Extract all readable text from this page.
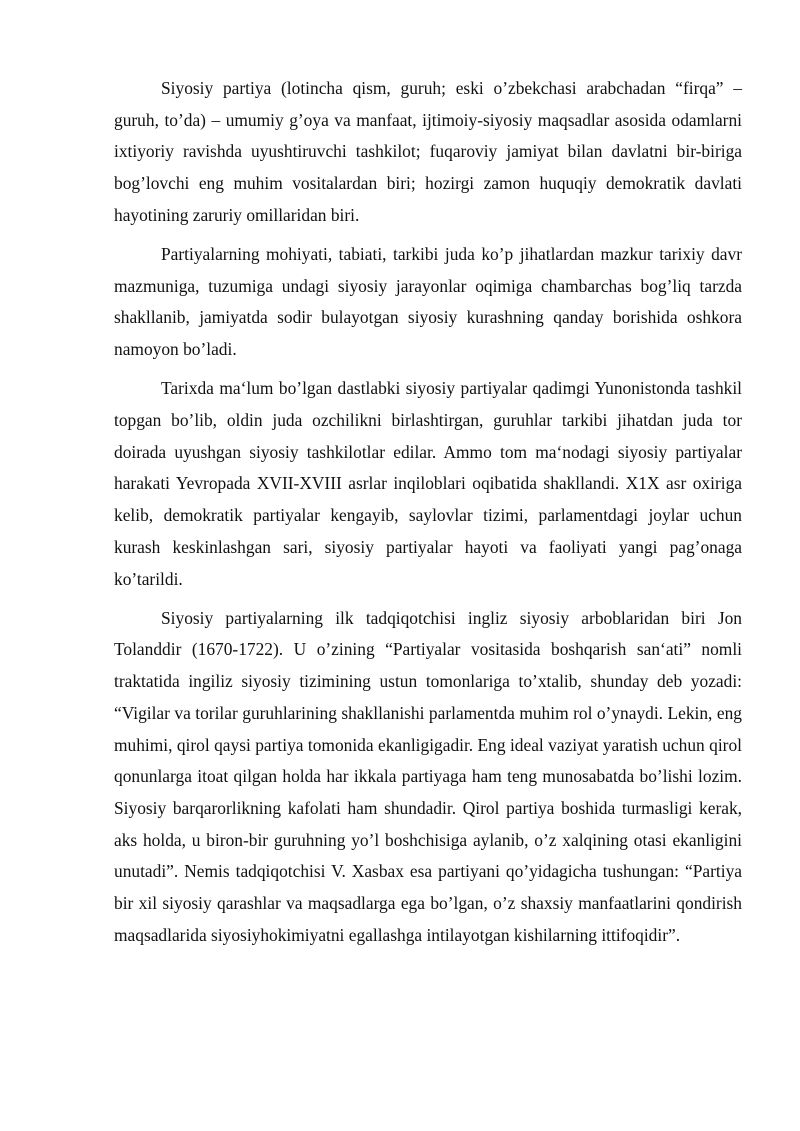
Siyosiy partiya (lotincha qism, guruh; eski o’zbekchasi arabchadan “firqa” – guruh, to’da) – umumiy g’oya va manfaat, ijtimoiy-siyosiy maqsadlar asosida odamlarni ixtiyoriy ravishda uyushtiruvchi tashkilot; fuqaroviy jamiyat bilan davlatni bir-biriga bog’lovchi eng muhim vositalardan biri; hozirgi zamon huquqiy demokratik davlati hayotining zaruriy omillaridan biri.

Partiyalarning mohiyati, tabiati, tarkibi juda ko’p jihatlardan mazkur tarixiy davr mazmuniga, tuzumiga undagi siyosiy jarayonlar oqimiga chambarchas bog’liq tarzda shakllanib, jamiyatda sodir bulayotgan siyosiy kurashning qanday borishida oshkora namoyon bo’ladi.

Tarixda ma‘lum bo’lgan dastlabki siyosiy partiyalar qadimgi Yunonistonda tashkil topgan bo’lib, oldin juda ozchilikni birlashtirgan, guruhlar tarkibi jihatdan juda tor doirada uyushgan siyosiy tashkilotlar edilar. Ammo tom ma‘nodagi siyosiy partiyalar harakati Yevropada XVII-XVIII asrlar inqiloblari oqibatida shakllandi. X1X asr oxiriga kelib, demokratik partiyalar kengayib, saylovlar tizimi, parlamentdagi joylar uchun kurash keskinlashgan sari, siyosiy partiyalar hayoti va faoliyati yangi pag’onaga ko’tarildi.

Siyosiy partiyalarning ilk tadqiqotchisi ingliz siyosiy arboblaridan biri Jon Tolanddir (1670-1722). U o’zining “Partiyalar vositasida boshqarish san‘ati” nomli traktatida ingiliz siyosiy tizimining ustun tomonlariga to’xtalib, shunday deb yozadi: “Vigilar va torilar guruhlarining shakllanishi parlamentda muhim rol o’ynaydi. Lekin, eng muhimi, qirol qaysi partiya tomonida ekanligigadir. Eng ideal vaziyat yaratish uchun qirol qonunlarga itoat qilgan holda har ikkala partiyaga ham teng munosabatda bo’lishi lozim. Siyosiy barqarorlikning kafolati ham shundadir. Qirol partiya boshida turmasligi kerak, aks holda, u biron-bir guruhning yo’l boshchisiga aylanib, o’z xalqining otasi ekanligini unutadi”. Nemis tadqiqotchisi V. Xasbax esa partiyani qo’yidagicha tushungan: “Partiya bir xil siyosiy qarashlar va maqsadlarga ega bo’lgan, o’z shaxsiy manfaatlarini qondirish maqsadlarida siyosiyhokimiyatni egallashga intilayotgan kishilarning ittifoqidir”.
